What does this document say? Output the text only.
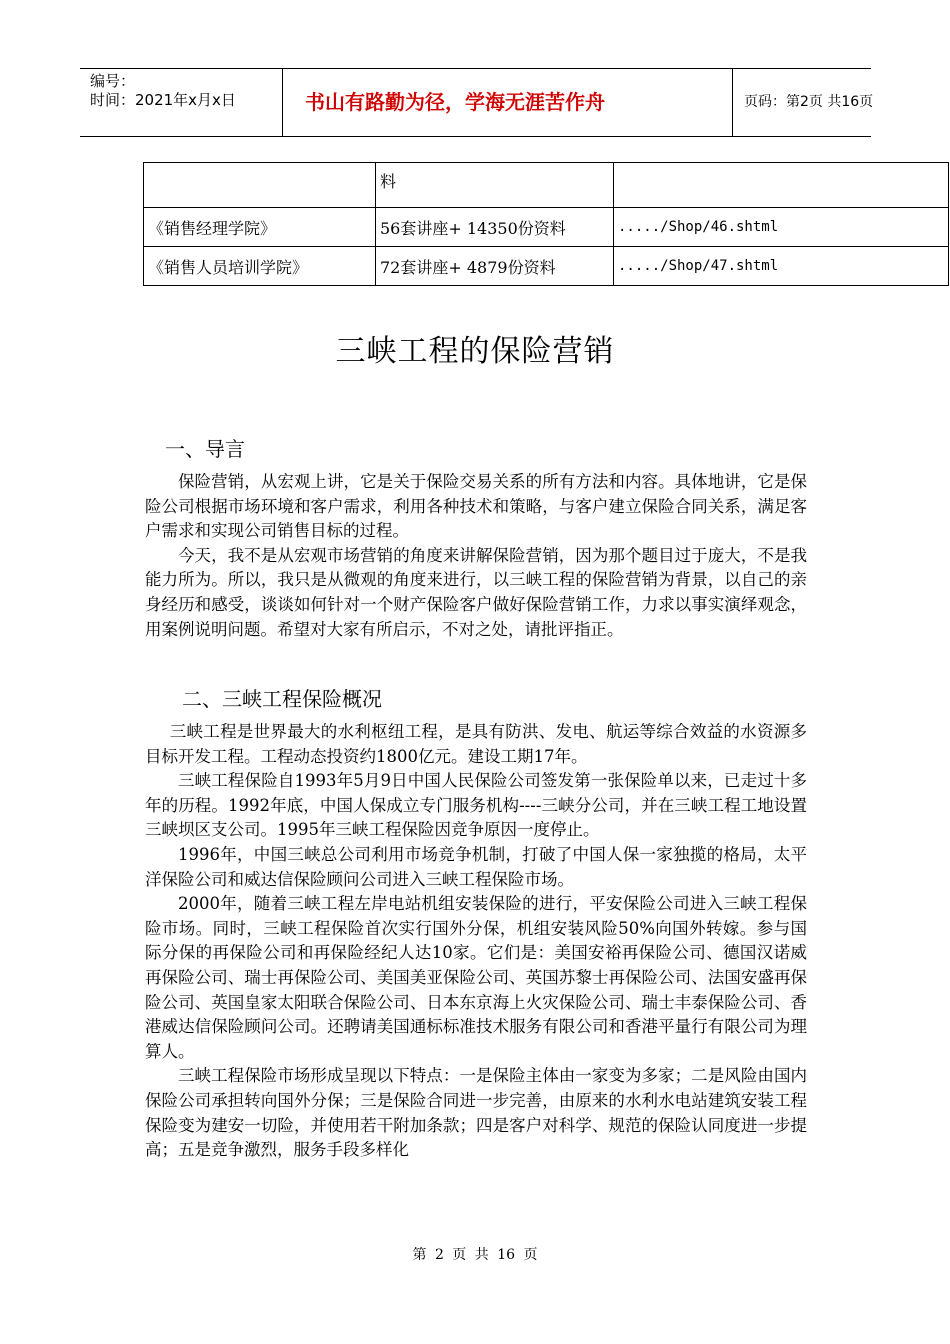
编号：
时间：2021年x月x日	书山有路勤为径，学海无涯苦作舟	页码：第2页 共16页
	料	
《销售经理学院》	56套讲座+ 14350份资料	...../Shop/46.shtml
《销售人员培训学院》	72套讲座+ 4879份资料	...../Shop/47.shtml
三峡工程的保险营销
一、导言

保险营销，从宏观上讲，它是关于保险交易关系的所有方法和内容。具体地讲，它是保险公司根据市场环境和客户需求，利用各种技术和策略，与客户建立保险合同关系，满足客户需求和实现公司销售目标的过程。

今天，我不是从宏观市场营销的角度来讲解保险营销，因为那个题目过于庞大，不是我能力所为。所以，我只是从微观的角度来进行，以三峡工程的保险营销为背景，以自己的亲身经历和感受，谈谈如何针对一个财产保险客户做好保险营销工作，力求以事实演绎观念，用案例说明问题。希望对大家有所启示，不对之处，请批评指正。

二、三峡工程保险概况

三峡工程是世界最大的水利枢纽工程，是具有防洪、发电、航运等综合效益的水资源多目标开发工程。工程动态投资约1800亿元。建设工期17年。

三峡工程保险自1993年5月9日中国人民保险公司签发第一张保险单以来，已走过十多年的历程。1992年底，中国人保成立专门服务机构----三峡分公司，并在三峡工程工地设置三峡坝区支公司。1995年三峡工程保险因竞争原因一度停止。

1996年，中国三峡总公司利用市场竞争机制，打破了中国人保一家独揽的格局，太平洋保险公司和威达信保险顾问公司进入三峡工程保险市场。

2000年，随着三峡工程左岸电站机组安装保险的进行，平安保险公司进入三峡工程保险市场。同时，三峡工程保险首次实行国外分保，机组安装风险50%向国外转嫁。参与国际分保的再保险公司和再保险经纪人达10家。它们是：美国安裕再保险公司、德国汉诺威再保险公司、瑞士再保险公司、美国美亚保险公司、英国苏黎士再保险公司、法国安盛再保险公司、英国皇家太阳联合保险公司、日本东京海上火灾保险公司、瑞士丰泰保险公司、香港威达信保险顾问公司。还聘请美国通标标准技术服务有限公司和香港平量行有限公司为理算人。

三峡工程保险市场形成呈现以下特点：一是保险主体由一家变为多家；二是风险由国内保险公司承担转向国外分保；三是保险合同进一步完善，由原来的水利水电站建筑安装工程保险变为建安一切险，并使用若干附加条款；四是客户对科学、规范的保险认同度进一步提高；五是竞争激烈，服务手段多样化

第 2 页 共 16 页
